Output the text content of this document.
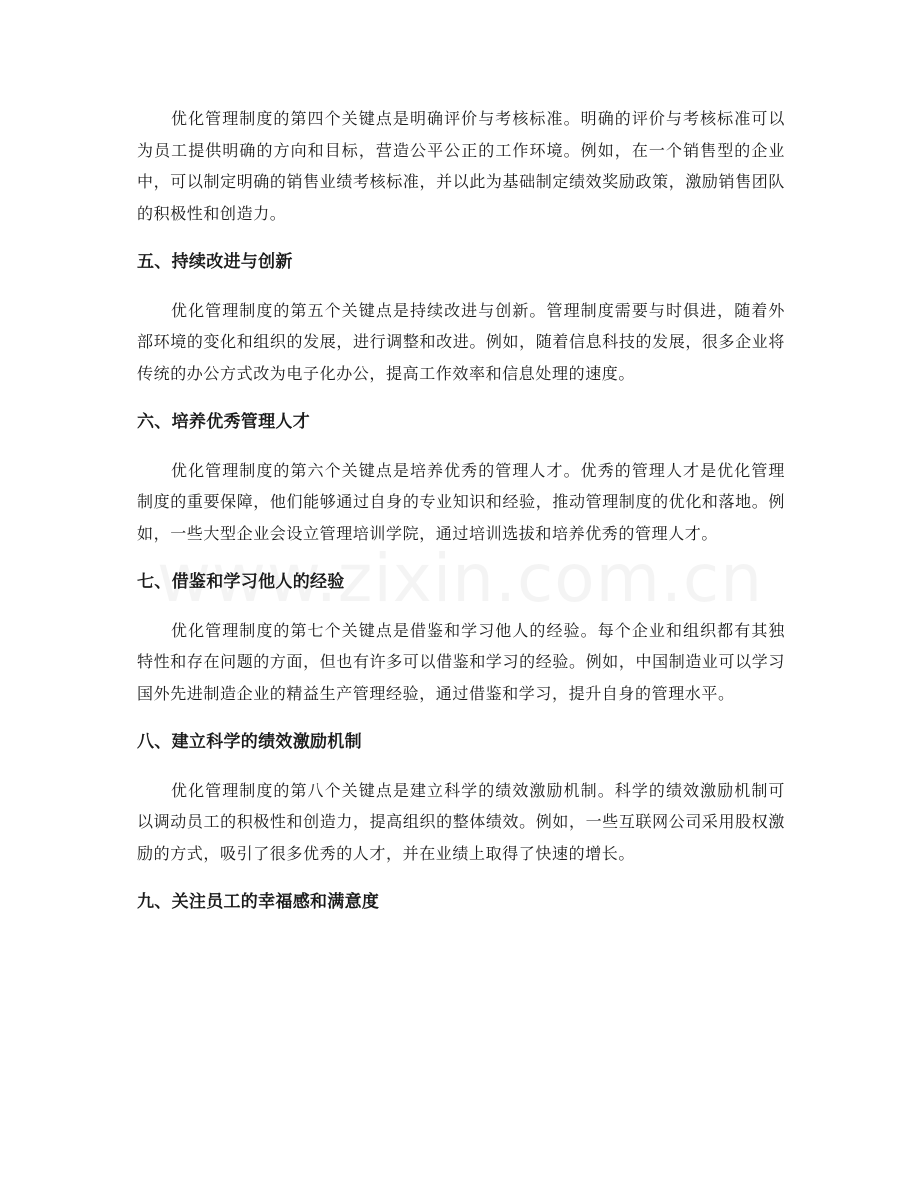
优化管理制度的第四个关键点是明确评价与考核标准。明确的评价与考核标准可以为员工提供明确的方向和目标，营造公平公正的工作环境。例如，在一个销售型的企业中，可以制定明确的销售业绩考核标准，并以此为基础制定绩效奖励政策，激励销售团队的积极性和创造力。

五、持续改进与创新

优化管理制度的第五个关键点是持续改进与创新。管理制度需要与时俱进，随着外部环境的变化和组织的发展，进行调整和改进。例如，随着信息科技的发展，很多企业将传统的办公方式改为电子化办公，提高工作效率和信息处理的速度。

六、培养优秀管理人才

优化管理制度的第六个关键点是培养优秀的管理人才。优秀的管理人才是优化管理制度的重要保障，他们能够通过自身的专业知识和经验，推动管理制度的优化和落地。例如，一些大型企业会设立管理培训学院，通过培训选拔和培养优秀的管理人才。

七、借鉴和学习他人的经验

优化管理制度的第七个关键点是借鉴和学习他人的经验。每个企业和组织都有其独特性和存在问题的方面，但也有许多可以借鉴和学习的经验。例如，中国制造业可以学习国外先进制造企业的精益生产管理经验，通过借鉴和学习，提升自身的管理水平。

八、建立科学的绩效激励机制

优化管理制度的第八个关键点是建立科学的绩效激励机制。科学的绩效激励机制可以调动员工的积极性和创造力，提高组织的整体绩效。例如，一些互联网公司采用股权激励的方式，吸引了很多优秀的人才，并在业绩上取得了快速的增长。

九、关注员工的幸福感和满意度
